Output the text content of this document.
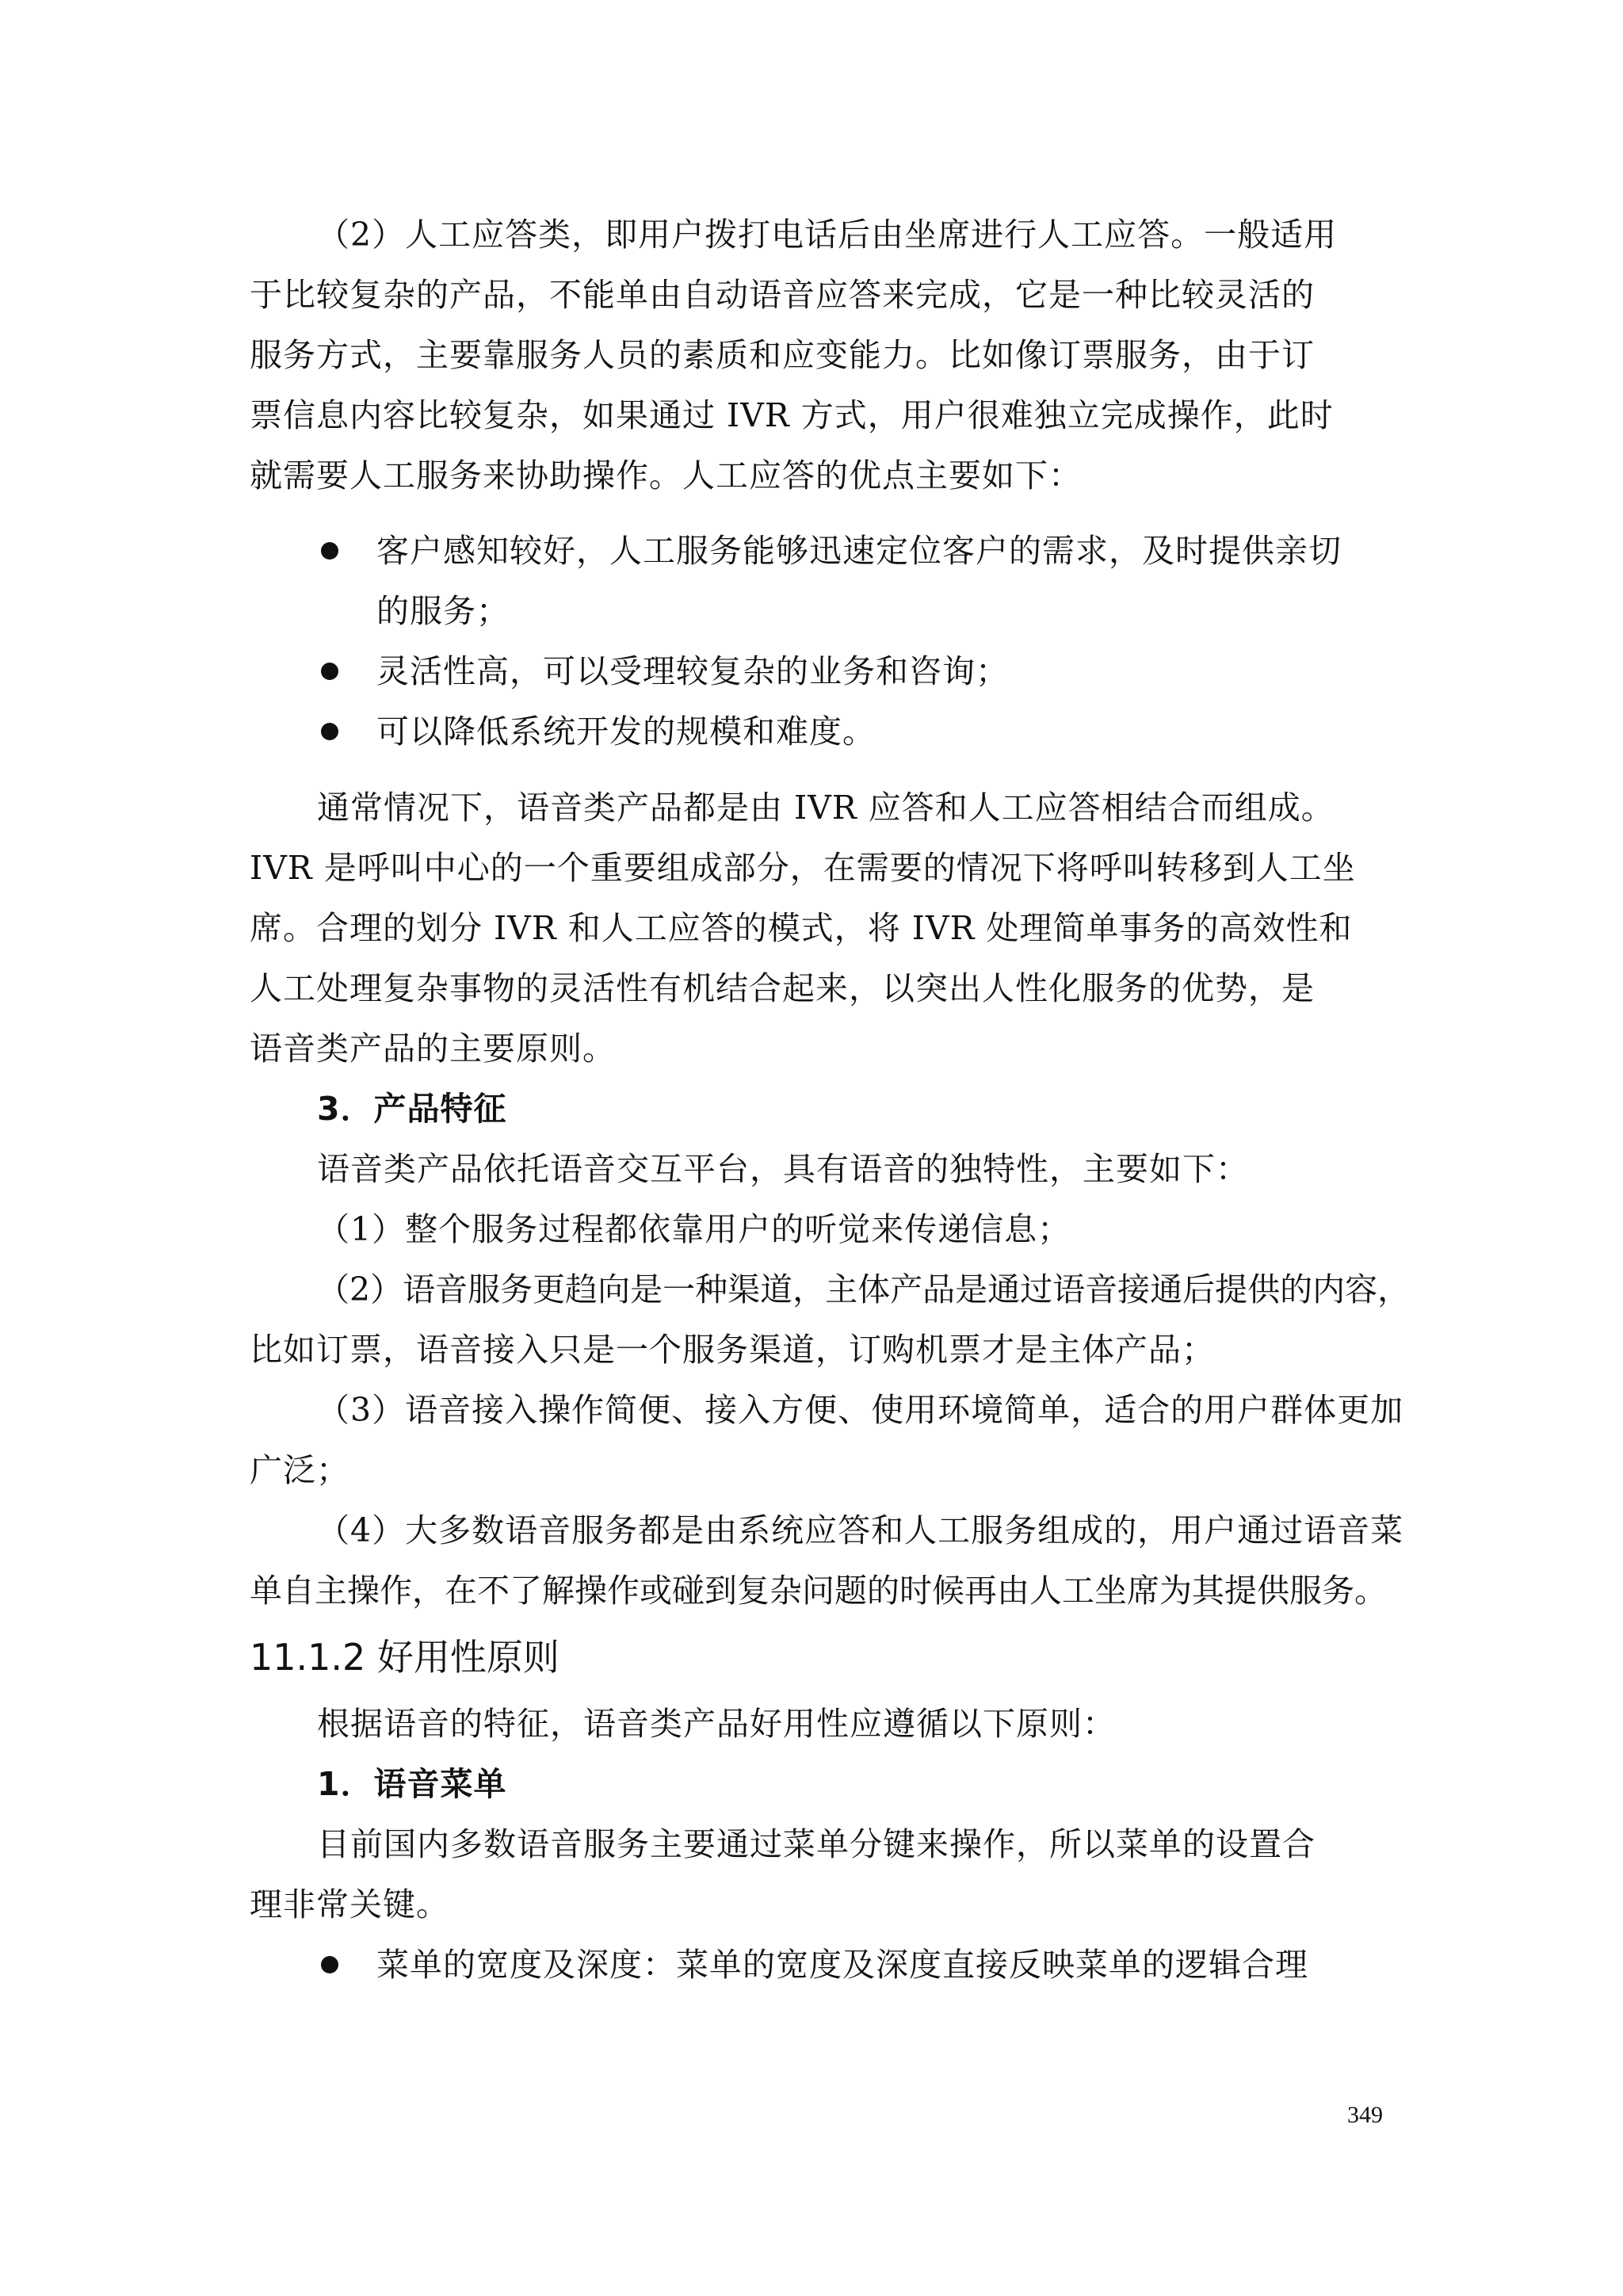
（2）人工应答类，即用户拨打电话后由坐席进行人工应答。一般适用
于比较复杂的产品，不能单由自动语音应答来完成，它是一种比较灵活的
服务方式，主要靠服务人员的素质和应变能力。比如像订票服务，由于订
票信息内容比较复杂，如果通过 IVR 方式，用户很难独立完成操作，此时
就需要人工服务来协助操作。人工应答的优点主要如下：
客户感知较好，人工服务能够迅速定位客户的需求，及时提供亲切
的服务；
灵活性高，可以受理较复杂的业务和咨询；
可以降低系统开发的规模和难度。
通常情况下，语音类产品都是由 IVR 应答和人工应答相结合而组成。
IVR 是呼叫中心的一个重要组成部分，在需要的情况下将呼叫转移到人工坐
席。合理的划分 IVR 和人工应答的模式，将 IVR 处理简单事务的高效性和
人工处理复杂事物的灵活性有机结合起来，以突出人性化服务的优势，是
语音类产品的主要原则。
3．产品特征
语音类产品依托语音交互平台，具有语音的独特性，主要如下：
（1）整个服务过程都依靠用户的听觉来传递信息；
（2）语音服务更趋向是一种渠道，主体产品是通过语音接通后提供的内容，
比如订票，语音接入只是一个服务渠道，订购机票才是主体产品；
（3）语音接入操作简便、接入方便、使用环境简单，适合的用户群体更加
广泛；
（4）大多数语音服务都是由系统应答和人工服务组成的，用户通过语音菜
单自主操作，在不了解操作或碰到复杂问题的时候再由人工坐席为其提供服务。
11.1.2 好用性原则
根据语音的特征，语音类产品好用性应遵循以下原则：
1．语音菜单
目前国内多数语音服务主要通过菜单分键来操作，所以菜单的设置合
理非常关键。
菜单的宽度及深度：菜单的宽度及深度直接反映菜单的逻辑合理
349
